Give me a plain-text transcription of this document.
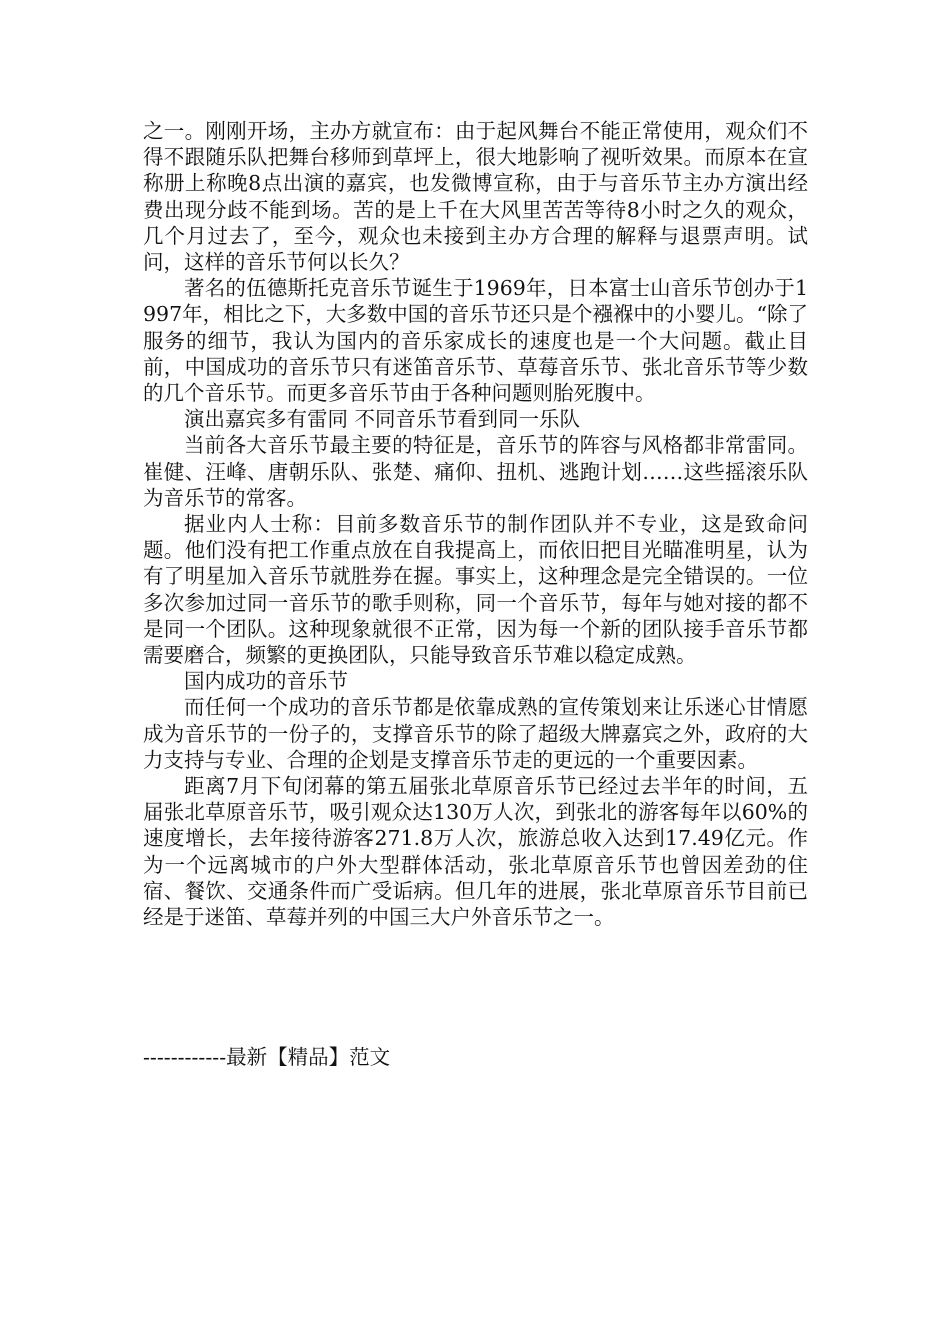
之一。刚刚开场，主办方就宣布：由于起风舞台不能正常使用，观众们不得不跟随乐队把舞台移师到草坪上，很大地影响了视听效果。而原本在宣称册上称晚8点出演的嘉宾，也发微博宣称，由于与音乐节主办方演出经费出现分歧不能到场。苦的是上千在大风里苦苦等待8小时之久的观众，几个月过去了，至今，观众也未接到主办方合理的解释与退票声明。试问，这样的音乐节何以长久？

著名的伍德斯托克音乐节诞生于1969年，日本富士山音乐节创办于1997年，相比之下，大多数中国的音乐节还只是个襁褓中的小婴儿。“除了服务的细节，我认为国内的音乐家成长的速度也是一个大问题。截止目前，中国成功的音乐节只有迷笛音乐节、草莓音乐节、张北音乐节等少数的几个音乐节。而更多音乐节由于各种问题则胎死腹中。

演出嘉宾多有雷同 不同音乐节看到同一乐队

当前各大音乐节最主要的特征是，音乐节的阵容与风格都非常雷同。崔健、汪峰、唐朝乐队、张楚、痛仰、扭机、逃跑计划……这些摇滚乐队为音乐节的常客。

据业内人士称：目前多数音乐节的制作团队并不专业，这是致命问题。他们没有把工作重点放在自我提高上，而依旧把目光瞄准明星，认为有了明星加入音乐节就胜券在握。事实上，这种理念是完全错误的。一位多次参加过同一音乐节的歌手则称，同一个音乐节，每年与她对接的都不是同一个团队。这种现象就很不正常，因为每一个新的团队接手音乐节都需要磨合，频繁的更换团队，只能导致音乐节难以稳定成熟。

国内成功的音乐节

而任何一个成功的音乐节都是依靠成熟的宣传策划来让乐迷心甘情愿成为音乐节的一份子的，支撑音乐节的除了超级大牌嘉宾之外，政府的大力支持与专业、合理的企划是支撑音乐节走的更远的一个重要因素。

距离7月下旬闭幕的第五届张北草原音乐节已经过去半年的时间，五届张北草原音乐节，吸引观众达130万人次，到张北的游客每年以60%的速度增长，去年接待游客271.8万人次，旅游总收入达到17.49亿元。作为一个远离城市的户外大型群体活动，张北草原音乐节也曾因差劲的住宿、餐饮、交通条件而广受诟病。但几年的进展，张北草原音乐节目前已经是于迷笛、草莓并列的中国三大户外音乐节之一。

------------最新【精品】范文
